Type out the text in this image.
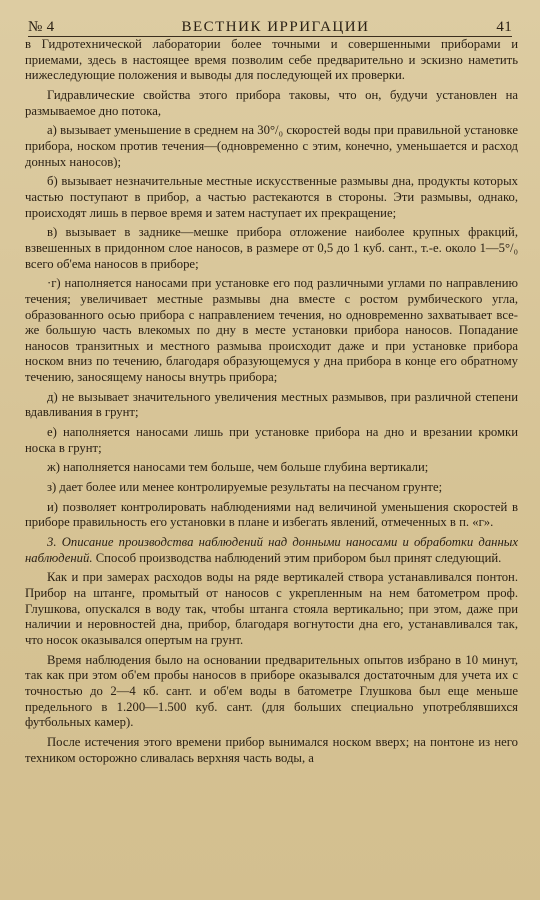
№ 4	ВЕСТНИК ИРРИГАЦИИ	41

в Гидротехнической лаборатории более точными и совершенными приборами и приемами, здесь в настоящее время позволим себе предварительно и эскизно наметить нижеследующие положения и выводы для последующей их проверки.

Гидравлические свойства этого прибора таковы, что он, будучи установлен на размываемое дно потока,

а) вызывает уменьшение в среднем на 30°/₀ скоростей воды при правильной установке прибора, носком против течения—(одновременно с этим, конечно, уменьшается и расход донных наносов);

б) вызывает незначительные местные искусственные размывы дна, продукты которых частью поступают в прибор, а частью растекаются в стороны. Эти размывы, однако, происходят лишь в первое время и затем наступает их прекращение;

в) вызывает в заднике—мешке прибора отложение наиболее крупных фракций, взвешенных в придонном слое наносов, в размере от 0,5 до 1 куб. сант., т.-е. около 1—5°/₀ всего об'ема наносов в приборе;

·г) наполняется наносами при установке его под различными углами по направлению течения; увеличивает местные размывы дна вместе с ростом румбического угла, образованного осью прибора с направлением течения, но одновременно захватывает все-же большую часть влекомых по дну в месте установки прибора наносов. Попадание наносов транзитных и местного размыва происходит даже и при установке прибора носком вниз по течению, благодаря образующемуся у дна прибора в конце его обратному течению, заносящему наносы внутрь прибора;

д) не вызывает значительного увеличения местных размывов, при различной степени вдавливания в грунт;

е) наполняется наносами лишь при установке прибора на дно и врезании кромки носка в грунт;

ж) наполняется наносами тем больше, чем больше глубина вертикали;

з) дает более или менее контролируемые результаты на песчаном грунте;

и) позволяет контролировать наблюдениями над величиной уменьшения скоростей в приборе правильность его установки в плане и избегать явлений, отмеченных в п. «г».

3. Описание производства наблюдений над донными наносами и обработки данных наблюдений. Способ производства наблюдений этим прибором был принят следующий.

Как и при замерах расходов воды на ряде вертикалей створа устанавливался понтон. Прибор на штанге, промытый от наносов с укрепленным на нем батометром проф. Глушкова, опускался в воду так, чтобы штанга стояла вертикально; при этом, даже при наличии и неровностей дна, прибор, благодаря вогнутости дна его, устанавливался так, что носок оказывался опертым на грунт.

Время наблюдения было на основании предварительных опытов избрано в 10 минут, так как при этом об'ем пробы наносов в приборе оказывался достаточным для учета их с точностью до 2—4 кб. сант. и об'ем воды в батометре Глушкова был еще меньше предельного в 1.200—1.500 куб. сант. (для больших специально употреблявшихся футбольных камер).

После истечения этого времени прибор вынимался носком вверх; на понтоне из него техником осторожно сливалась верхняя часть воды, а
